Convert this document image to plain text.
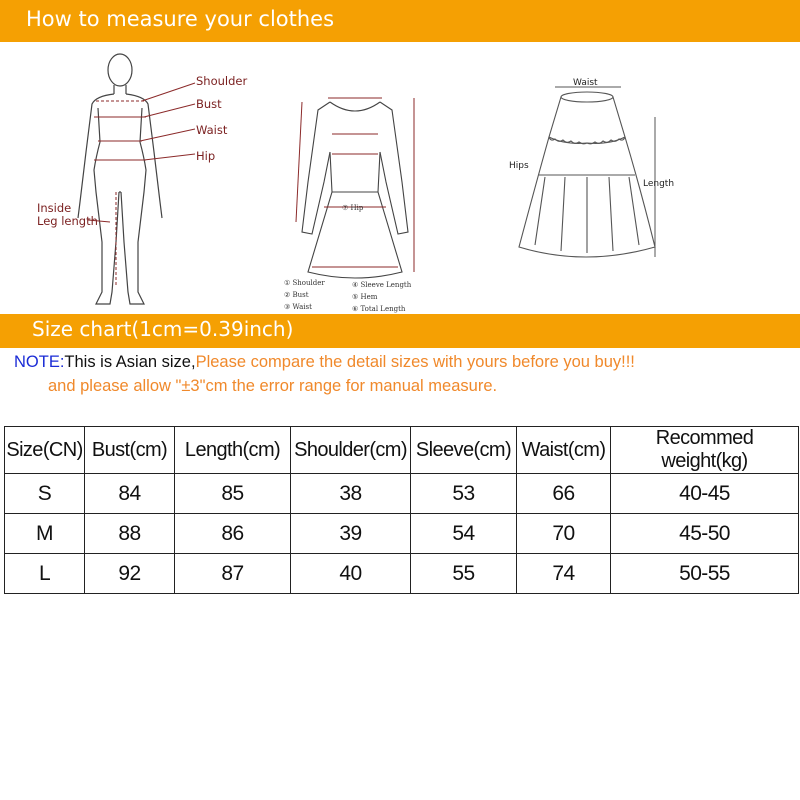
How to measure your clothes
Shoulder
Bust
Waist
Hip
Inside
Leg length
⑦ Hip
① Shoulder	④ Sleeve Length
② Bust	⑤ Hem
③ Waist	⑥ Total Length
Waist
Hips
Length
Size chart(1cm=0.39inch)
NOTE:This is Asian size,Please compare the detail sizes with yours before you buy!!!
and please allow "±3"cm the error range for manual measure.
Size(CN)	Bust(cm)	Length(cm)	Shoulder(cm)	Sleeve(cm)	Waist(cm)	Recommed weight(kg)
S	84	85	38	53	66	40-45
M	88	86	39	54	70	45-50
L	92	87	40	55	74	50-55
